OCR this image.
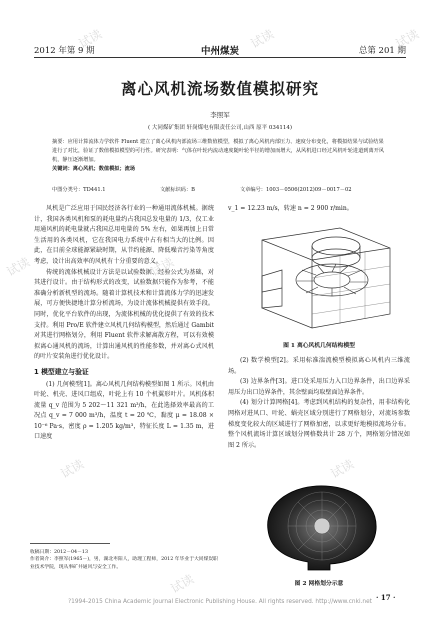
2012 年第 9 期	中州煤炭	总第 201 期
离心风机流场数值模拟研究
李照军
( 大同煤矿集团 轩岗煤电有限责任公司,山西 原平 034114)
摘要：应用计算流体力学软件 Fluent 建立了离心风机内部流场三维数值模型，模拟了离心风机内部压力、速度分布变化，将模拟结果与试验结果进行了对比，验证了数值模拟模型的可行性。研究表明：气体在叶轮内流动速度随叶轮半径的增加而增大，从风机进口经过风机叶轮进道到离开风机，静压逐渐增加。
关键词：离心风机；数值模拟；流场
中图分类号：TD441.1	文献标识码：B	文章编号：1003－0506(2012)09－0017－02

风机是广泛应用于国民经济各行业的一种通用流体机械。据统计，我国各类风机和泵的耗电量约占我国总发电量的 1/3，仅工业用通风机的耗电量就占我国总用电量的 5% 左右，如果再加上日常生活用的各类风机，它在我国电力系统中占有相当大的比例。因此，在目前全球能源紧缺时期，从节约能源、降低噪音污染等角度考虑，设计出高效率的风机有十分重要的意义。

传统的流体机械设计方法是以试验数据、经验公式为基础，对其进行设计。由于结构形式的改变，试验数据只能作为参考，不能准确分析新机型的流场。随着计算机技术和计算流体力学的迅速发展，可方便快捷地计算分析流场，为设计流体机械提供有效手段。同时，优化平台软件的出现，为流体机械的优化提供了有效的技术支持。利用 Pro/E 软件建立风机几何结构模型，然后通过 Gambit 对其进行网格划分，利用 Fluent 软件求解离散方程，可以有效模拟离心通风机的流场，计算出通风机的性能参数，并对离心式风机的叶片安装角进行优化设计。

1 模型建立与验证

(1) 几何模型[1]。离心风机几何结构模型如图 1 所示。风机由叶轮、机壳、进风口组成，叶轮上有 10 个机翼形叶片。风机体积流量 q_v 范围为 5 202～11 321 m³/h，在此选择效率最高的工况点 q_v = 7 000 m³/h，温度 t = 20 ℃，黏度 μ = 18.08 × 10⁻⁶ Pa·s，密度 ρ = 1.205 kg/m³，特征长度 L = 1.35 m，进口速度

收稿日期：2012－04－13
作者简介：李照军(1965－)，男，湖北枣阳人，助理工程师，2012 年毕业于大同煤炭职业技术学院，现从事矿井通风与安全工作。
v_1 = 12.23 m/s，转速 n = 2 900 r/min。
图 1 离心风机几何结构模型

(2) 数学模型[2]。采用标准湍流模型模拟离心风机内三维流场。

(3) 边界条件[3]。进口处采用压力入口边界条件，出口边界采用压力出口边界条件，其余壁面均取壁面边界条件。

(4) 划分计算网格[4]。考虑到风机结构的复杂性，用非结构化网格对进风口、叶轮、蜗壳区域分别进行了网格划分，对流场参数梯度变化较大的区域进行了网格加密，以求更好地模拟流场分布。整个风机流场计算区域划分网格数共计 28 万个，网格划分情况如图 2 所示。

图 2 网格划分示意
· 17 ·
试读	试读	试读
试读	试读
试读	试读
试读
?1994-2015 China Academic Journal Electronic Publishing House. All rights reserved. http://www.cnki.net
